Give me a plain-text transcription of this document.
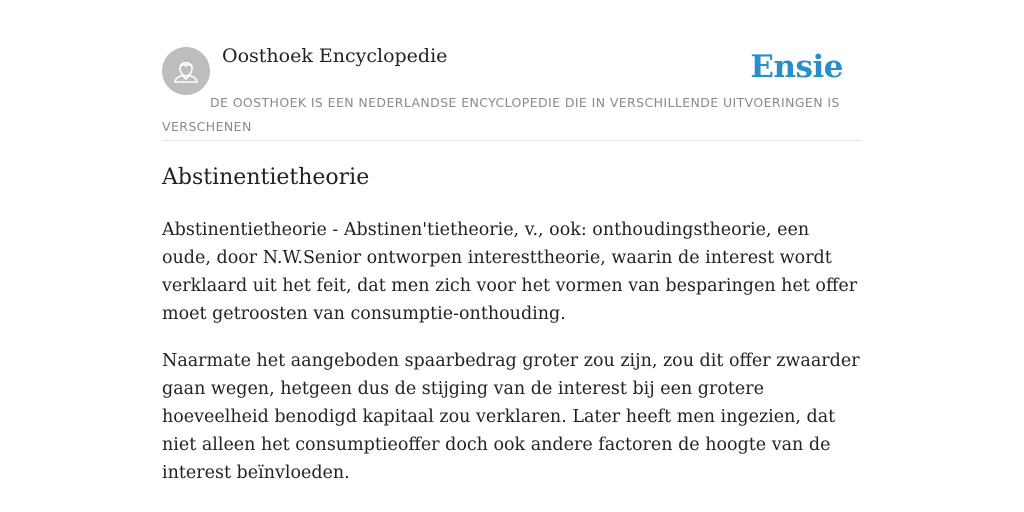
Oosthoek Encyclopedie	Ensie
DE OOSTHOEK IS EEN NEDERLANDSE ENCYCLOPEDIE DIE IN VERSCHILLENDE UITVOERINGEN IS VERSCHENEN
Abstinentietheorie

Abstinentietheorie - Abstinen'tietheorie, v., ook: onthoudingstheorie, een oude, door N.W.Senior ontworpen interesttheorie, waarin de interest wordt verklaard uit het feit, dat men zich voor het vormen van besparingen het offer moet getroosten van consumptie-onthouding.

Naarmate het aangeboden spaarbedrag groter zou zijn, zou dit offer zwaarder gaan wegen, hetgeen dus de stijging van de interest bij een grotere hoeveelheid benodigd kapitaal zou verklaren. Later heeft men ingezien, dat niet alleen het consumptieoffer doch ook andere factoren de hoogte van de interest beïnvloeden.
